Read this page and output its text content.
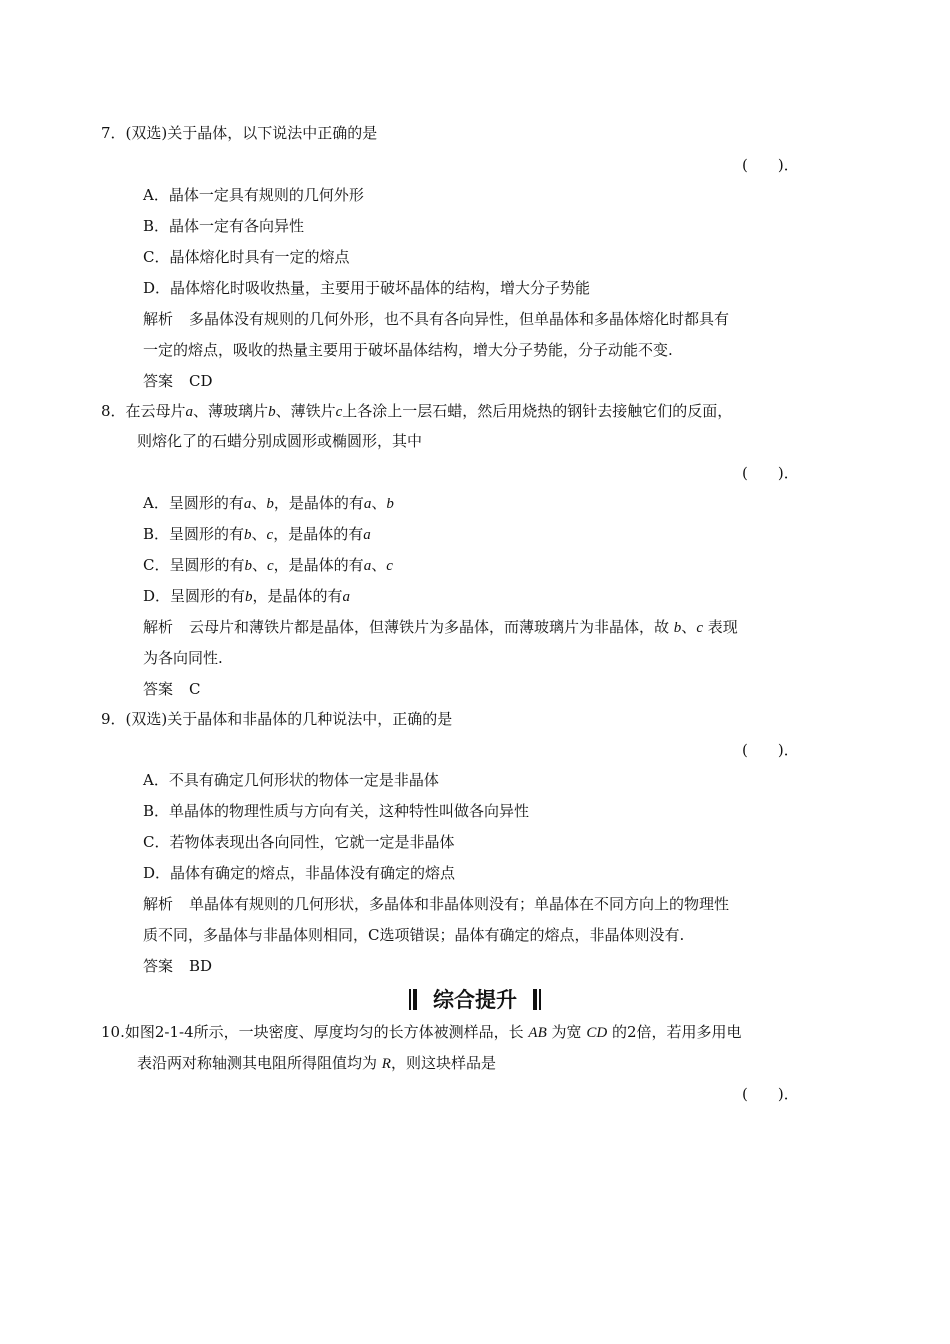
7．(双选)关于晶体，以下说法中正确的是
(　　)．
A．晶体一定具有规则的几何外形
B．晶体一定有各向异性
C．晶体熔化时具有一定的熔点
D．晶体熔化时吸收热量，主要用于破坏晶体的结构，增大分子势能
解析 多晶体没有规则的几何外形，也不具有各向异性，但单晶体和多晶体熔化时都具有
一定的熔点，吸收的热量主要用于破坏晶体结构，增大分子势能，分子动能不变.
答案 CD
8．在云母片a、薄玻璃片b、薄铁片c上各涂上一层石蜡，然后用烧热的钢针去接触它们的反面，
则熔化了的石蜡分别成圆形或椭圆形，其中
(　　)．
A．呈圆形的有a、b，是晶体的有a、b
B．呈圆形的有b、c，是晶体的有a
C．呈圆形的有b、c，是晶体的有a、c
D．呈圆形的有b，是晶体的有a
解析 云母片和薄铁片都是晶体，但薄铁片为多晶体，而薄玻璃片为非晶体，故 b、c 表现
为各向同性.
答案 C
9．(双选)关于晶体和非晶体的几种说法中，正确的是
(　　)．
A．不具有确定几何形状的物体一定是非晶体
B．单晶体的物理性质与方向有关，这种特性叫做各向异性
C．若物体表现出各向同性，它就一定是非晶体
D．晶体有确定的熔点，非晶体没有确定的熔点
解析 单晶体有规则的几何形状，多晶体和非晶体则没有；单晶体在不同方向上的物理性
质不同，多晶体与非晶体则相同，C选项错误；晶体有确定的熔点，非晶体则没有.
答案 BD
综合提升
10.如图2-1-4所示，一块密度、厚度均匀的长方体被测样品，长 AB 为宽 CD 的2倍，若用多用电
表沿两对称轴测其电阻所得阻值均为 R，则这块样品是
(　　)．
